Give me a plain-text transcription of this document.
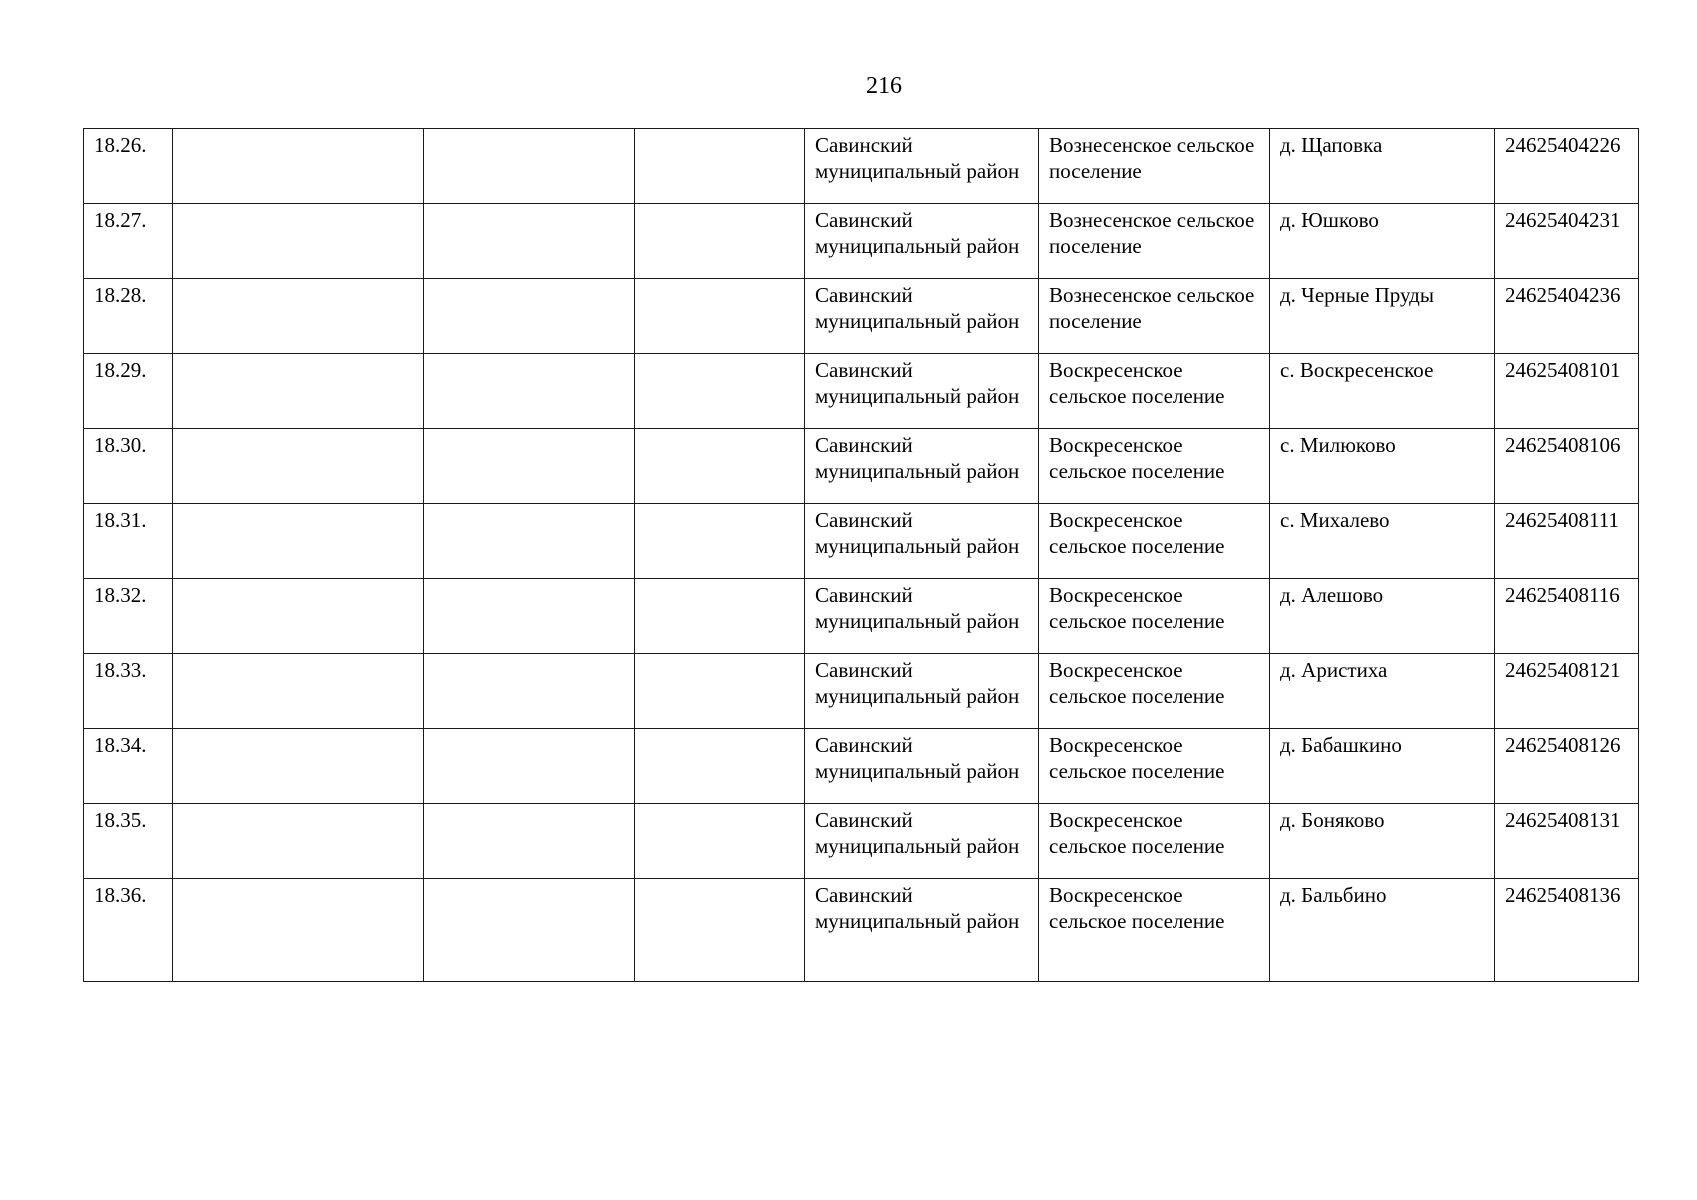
216
18.26.				Савинский муниципальный район	Вознесенское сельское поселение	д. Щаповка	24625404226
18.27.				Савинский муниципальный район	Вознесенское сельское поселение	д. Юшково	24625404231
18.28.				Савинский муниципальный район	Вознесенское сельское поселение	д. Черные Пруды	24625404236
18.29.				Савинский муниципальный район	Воскресенское сельское поселение	с. Воскресенское	24625408101
18.30.				Савинский муниципальный район	Воскресенское сельское поселение	с. Милюково	24625408106
18.31.				Савинский муниципальный район	Воскресенское сельское поселение	с. Михалево	24625408111
18.32.				Савинский муниципальный район	Воскресенское сельское поселение	д. Алешово	24625408116
18.33.				Савинский муниципальный район	Воскресенское сельское поселение	д. Аристиха	24625408121
18.34.				Савинский муниципальный район	Воскресенское сельское поселение	д. Бабашкино	24625408126
18.35.				Савинский муниципальный район	Воскресенское сельское поселение	д. Боняково	24625408131
18.36.				Савинский муниципальный район	Воскресенское сельское поселение	д. Бальбино	24625408136
